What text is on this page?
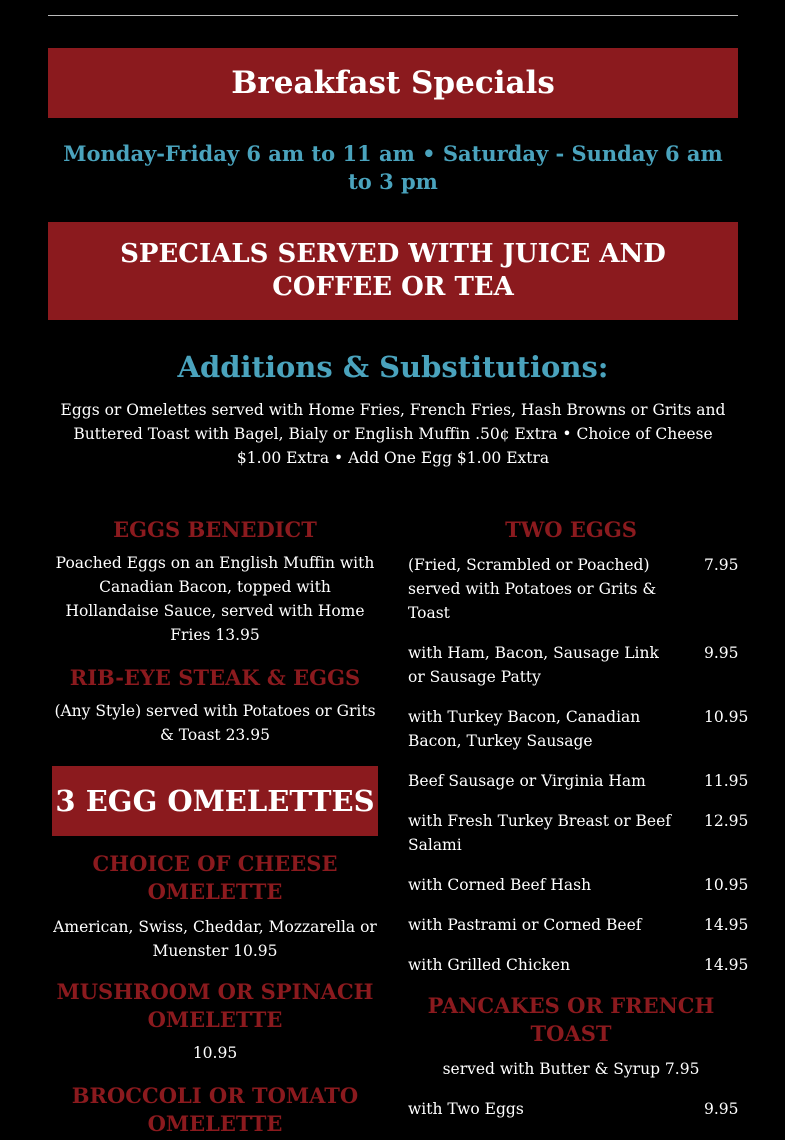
Breakfast Specials
Monday-Friday 6 am to 11 am • Saturday - Sunday 6 am to 3 pm
SPECIALS SERVED WITH JUICE AND COFFEE OR TEA
Additions & Substitutions:
Eggs or Omelettes served with Home Fries, French Fries, Hash Browns or Grits and Buttered Toast with Bagel, Bialy or English Muffin .50¢ Extra • Choice of Cheese $1.00 Extra • Add One Egg $1.00 Extra
EGGS BENEDICT
Poached Eggs on an English Muffin with Canadian Bacon, topped with Hollandaise Sauce, served with Home Fries 13.95
RIB-EYE STEAK & EGGS
(Any Style) served with Potatoes or Grits & Toast 23.95
3 EGG OMELETTES
CHOICE OF CHEESE OMELETTE
American, Swiss, Cheddar, Mozzarella or Muenster 10.95
MUSHROOM OR SPINACH OMELETTE
10.95
BROCCOLI OR TOMATO OMELETTE
TWO EGGS
(Fried, Scrambled or Poached) served with Potatoes or Grits & Toast
7.95
with Ham, Bacon, Sausage Link or Sausage Patty
9.95
with Turkey Bacon, Canadian Bacon, Turkey Sausage
10.95
Beef Sausage or Virginia Ham	11.95
with Fresh Turkey Breast or Beef Salami
12.95
with Corned Beef Hash	10.95
with Pastrami or Corned Beef	14.95
with Grilled Chicken	14.95
PANCAKES OR FRENCH TOAST
served with Butter & Syrup 7.95
with Two Eggs	9.95
